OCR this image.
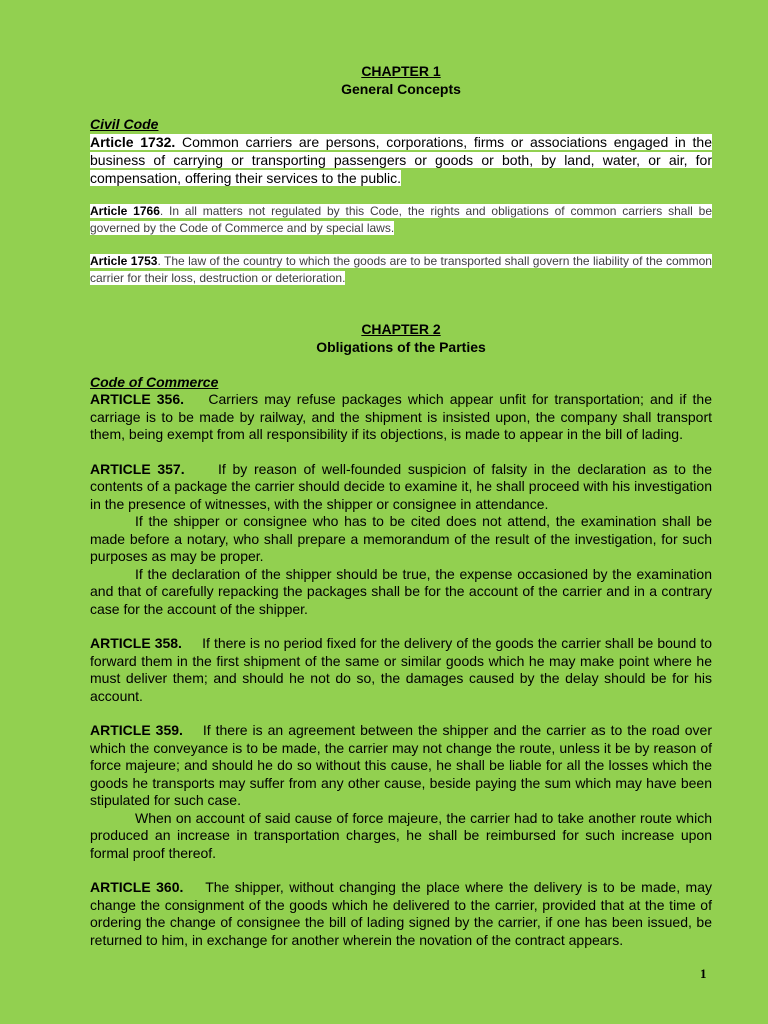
CHAPTER 1
General Concepts
Civil Code

Article 1732. Common carriers are persons, corporations, firms or associations engaged in the business of carrying or transporting passengers or goods or both, by land, water, or air, for compensation, offering their services to the public.

Article 1766. In all matters not regulated by this Code, the rights and obligations of common carriers shall be governed by the Code of Commerce and by special laws.

Article 1753. The law of the country to which the goods are to be transported shall govern the liability of the common carrier for their loss, destruction or deterioration.

CHAPTER 2
Obligations of the Parties
Code of Commerce

ARTICLE 356.    Carriers may refuse packages which appear unfit for transportation; and if the carriage is to be made by railway, and the shipment is insisted upon, the company shall transport them, being exempt from all responsibility if its objections, is made to appear in the bill of lading.

ARTICLE 357.     If by reason of well-founded suspicion of falsity in the declaration as to the contents of a package the carrier should decide to examine it, he shall proceed with his investigation in the presence of witnesses, with the shipper or consignee in attendance.

If the shipper or consignee who has to be cited does not attend, the examination shall be made before a notary, who shall prepare a memorandum of the result of the investigation, for such purposes as may be proper.

If the declaration of the shipper should be true, the expense occasioned by the examination and that of carefully repacking the packages shall be for the account of the carrier and in a contrary case for the account of the shipper.

ARTICLE 358.     If there is no period fixed for the delivery of the goods the carrier shall be bound to forward them in the first shipment of the same or similar goods which he may make point where he must deliver them; and should he not do so, the damages caused by the delay should be for his account.

ARTICLE 359.    If there is an agreement between the shipper and the carrier as to the road over which the conveyance is to be made, the carrier may not change the route, unless it be by reason of force majeure; and should he do so without this cause, he shall be liable for all the losses which the goods he transports may suffer from any other cause, beside paying the sum which may have been stipulated for such case.

When on account of said cause of force majeure, the carrier had to take another route which produced an increase in transportation charges, he shall be reimbursed for such increase upon formal proof thereof.

ARTICLE 360.    The shipper, without changing the place where the delivery is to be made, may change the consignment of the goods which he delivered to the carrier, provided that at the time of ordering the change of consignee the bill of lading signed by the carrier, if one has been issued, be returned to him, in exchange for another wherein the novation of the contract appears.

1
